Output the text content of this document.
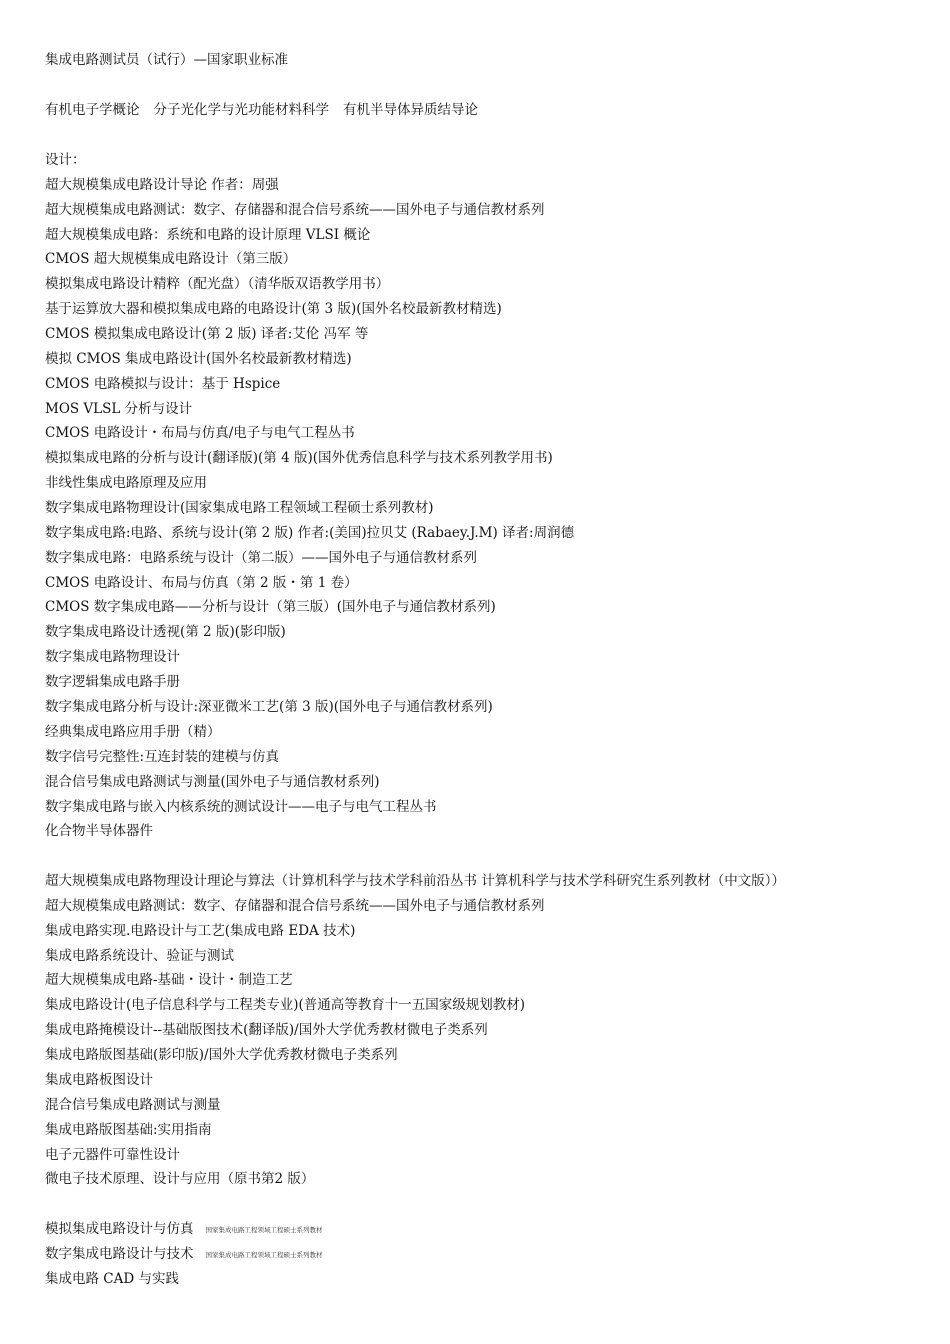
集成电路测试员（试行）—国家职业标准
有机电子学概论 分子光化学与光功能材料科学 有机半导体异质结导论
设计：
超大规模集成电路设计导论 作者：周强
超大规模集成电路测试：数字、存储器和混合信号系统——国外电子与通信教材系列
超大规模集成电路：系统和电路的设计原理 VLSI 概论
CMOS 超大规模集成电路设计（第三版）
模拟集成电路设计精粹（配光盘）（清华版双语教学用书）
基于运算放大器和模拟集成电路的电路设计(第 3 版)(国外名校最新教材精选)
CMOS 模拟集成电路设计(第 2 版) 译者:艾伦 冯军 等
模拟 CMOS 集成电路设计(国外名校最新教材精选)
CMOS 电路模拟与设计：基于 Hspice
MOS VLSL 分析与设计
CMOS 电路设计・布局与仿真/电子与电气工程丛书
模拟集成电路的分析与设计(翻译版)(第 4 版)(国外优秀信息科学与技术系列教学用书)
非线性集成电路原理及应用
数字集成电路物理设计(国家集成电路工程领域工程硕士系列教材)
数字集成电路:电路、系统与设计(第 2 版) 作者:(美国)拉贝艾 (Rabaey.J.M) 译者:周润德
数字集成电路：电路系统与设计（第二版）——国外电子与通信教材系列
CMOS 电路设计、布局与仿真（第 2 版・第 1 卷）
CMOS 数字集成电路——分析与设计（第三版）(国外电子与通信教材系列)
数字集成电路设计透视(第 2 版)(影印版)
数字集成电路物理设计
数字逻辑集成电路手册
数字集成电路分析与设计:深亚微米工艺(第 3 版)(国外电子与通信教材系列)
经典集成电路应用手册（精）
数字信号完整性:互连封装的建模与仿真
混合信号集成电路测试与测量(国外电子与通信教材系列)
数字集成电路与嵌入内核系统的测试设计——电子与电气工程丛书
化合物半导体器件
超大规模集成电路物理设计理论与算法（计算机科学与技术学科前沿丛书 计算机科学与技术学科研究生系列教材（中文版））
超大规模集成电路测试：数字、存储器和混合信号系统——国外电子与通信教材系列
集成电路实现.电路设计与工艺(集成电路 EDA 技术)
集成电路系统设计、验证与测试
超大规模集成电路-基础・设计・制造工艺
集成电路设计(电子信息科学与工程类专业)(普通高等教育十一五国家级规划教材)
集成电路掩模设计--基础版图技术(翻译版)/国外大学优秀教材微电子类系列
集成电路版图基础(影印版)/国外大学优秀教材微电子类系列
集成电路板图设计
混合信号集成电路测试与测量
集成电路版图基础:实用指南
电子元器件可靠性设计
微电子技术原理、设计与应用（原书第2 版）
模拟集成电路设计与仿真 国家集成电路工程领域工程硕士系列教材
数字集成电路设计与技术 国家集成电路工程领域工程硕士系列教材
集成电路 CAD 与实践
